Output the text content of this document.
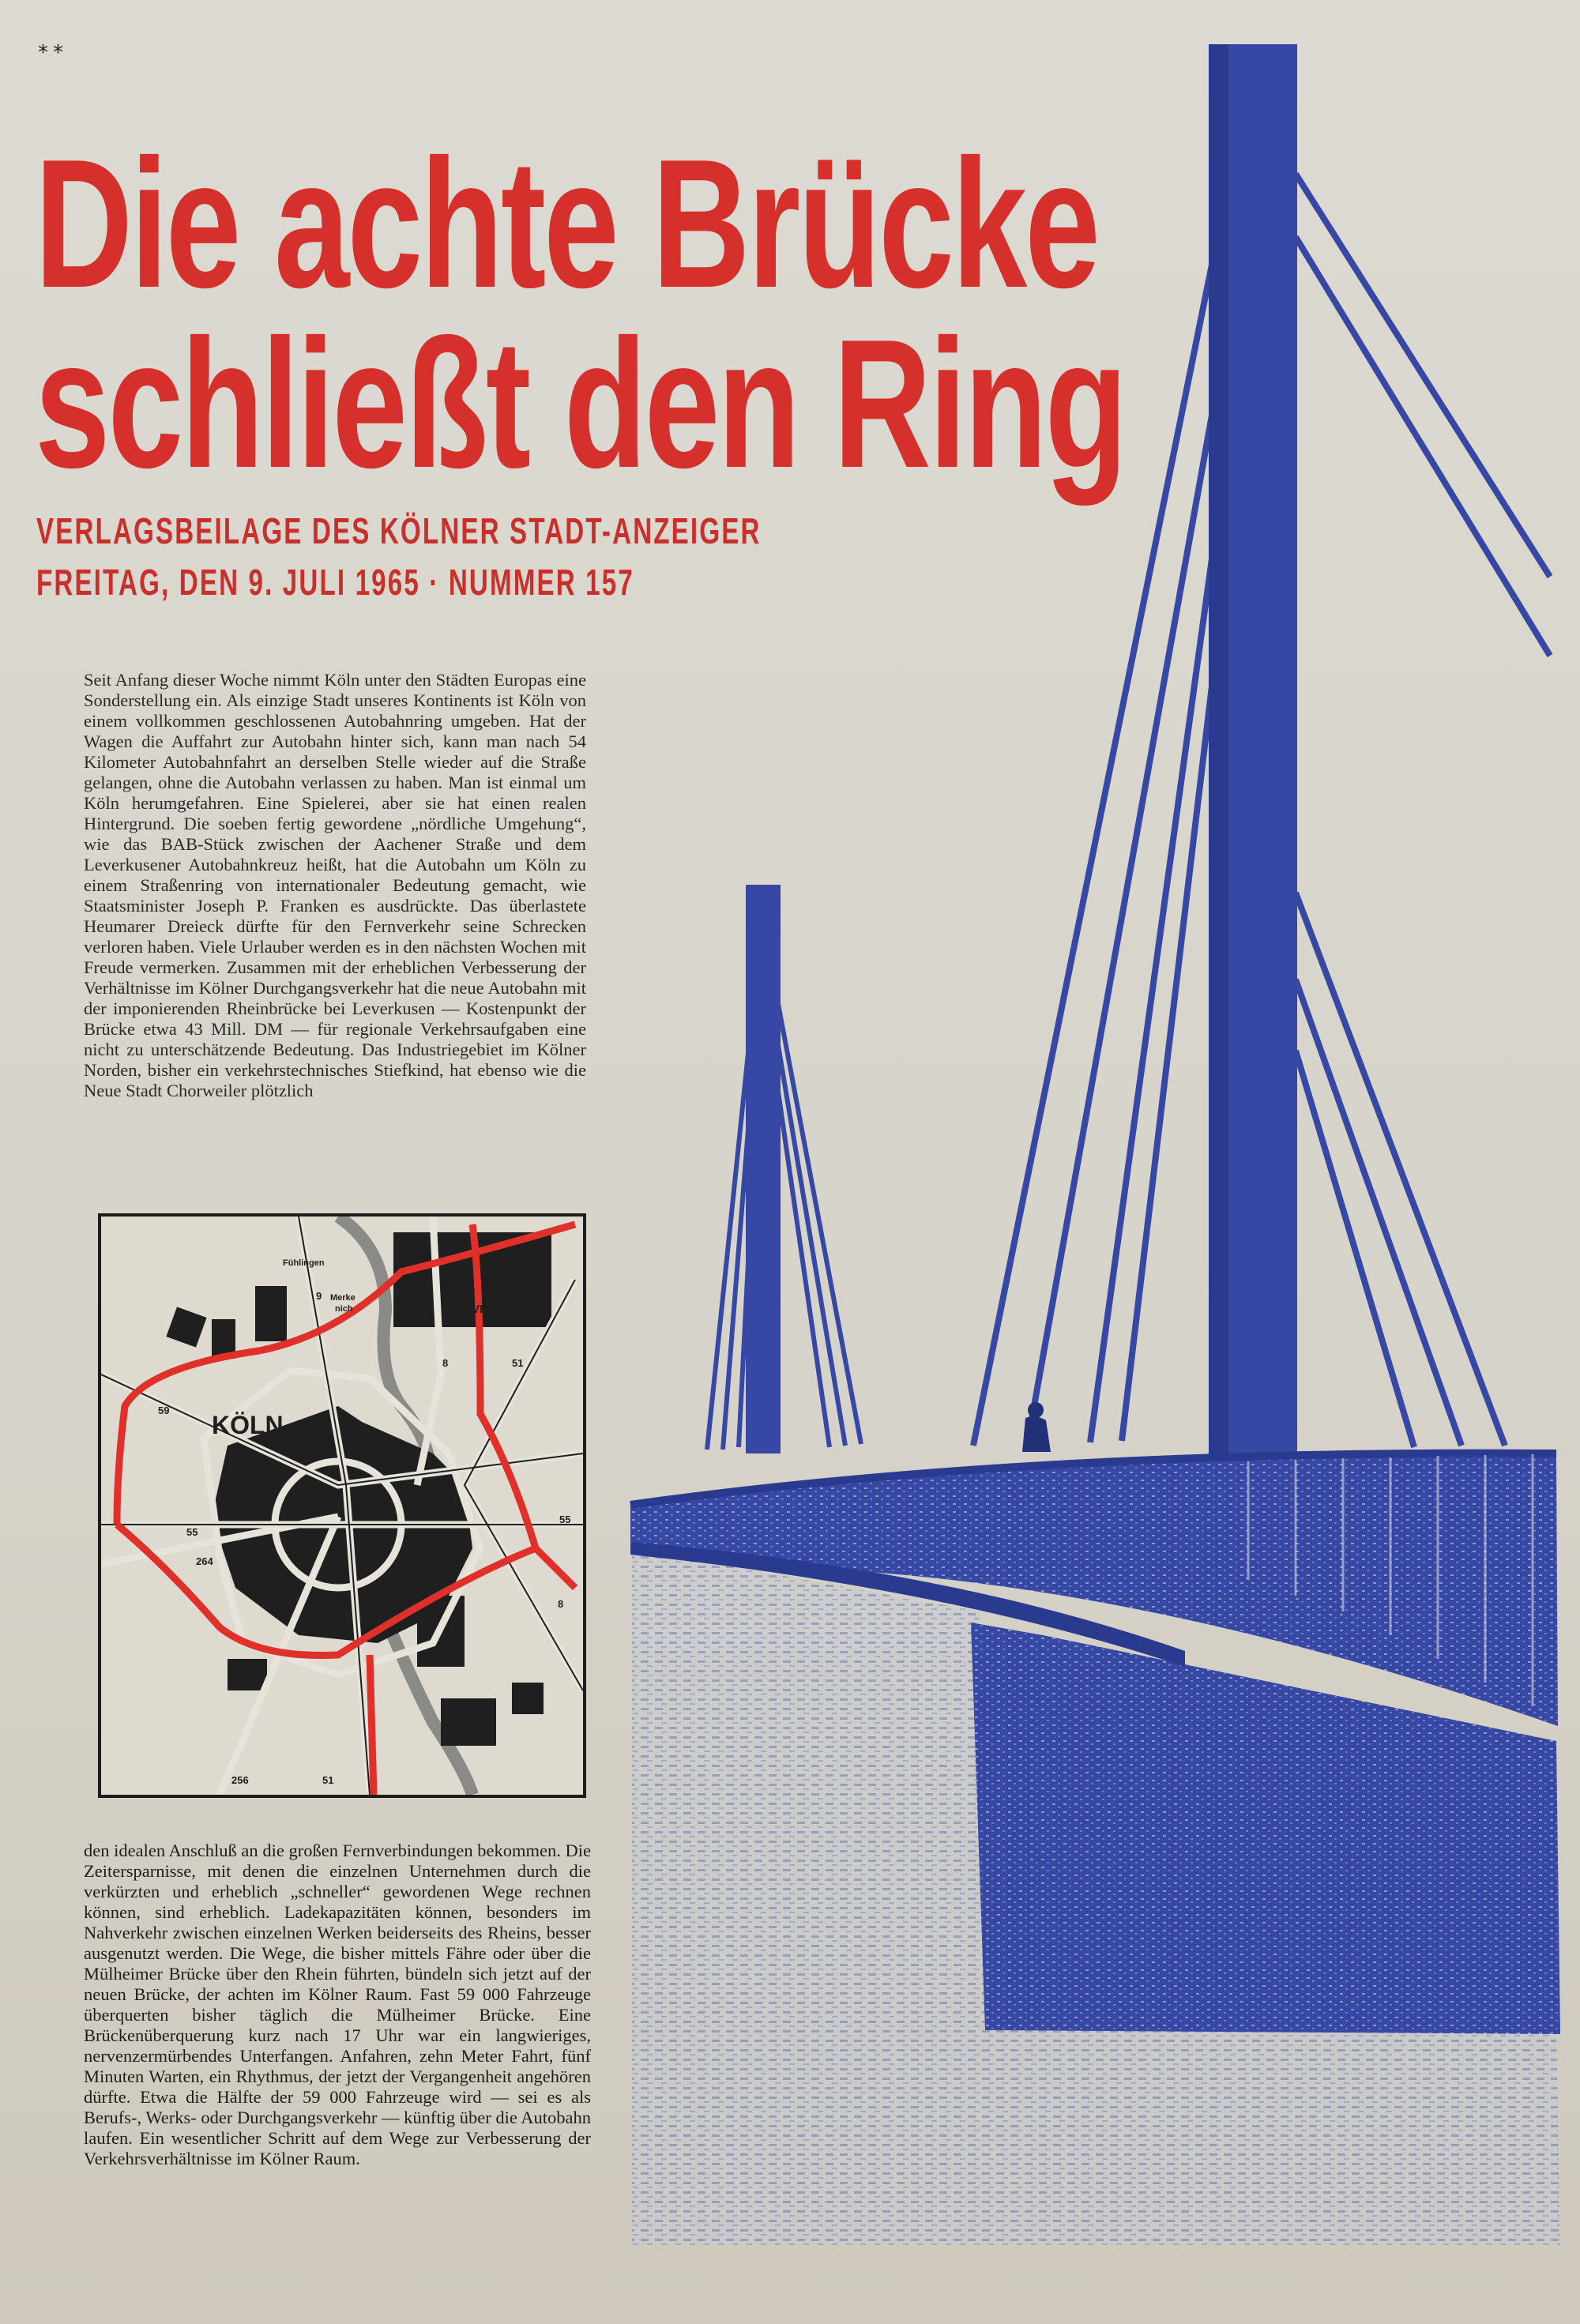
**
Die achte Brücke
schließt den Ring
VERLAGSBEILAGE DES KÖLNER STADT-ANZEIGER
FREITAG, DEN 9. JULI 1965 · NUMMER 157

Seit Anfang dieser Woche nimmt Köln unter den Städten Europas eine Sonderstellung ein. Als einzige Stadt unseres Kontinents ist Köln von einem vollkommen geschlossenen Autobahnring umgeben. Hat der Wagen die Auffahrt zur Autobahn hinter sich, kann man nach 54 Kilometer Autobahnfahrt an derselben Stelle wieder auf die Straße gelangen, ohne die Autobahn verlassen zu haben. Man ist einmal um Köln herumgefahren. Eine Spielerei, aber sie hat einen realen Hintergrund. Die soeben fertig gewordene „nördliche Umgehung“, wie das BAB-Stück zwischen der Aachener Straße und dem Leverkusener Autobahnkreuz heißt, hat die Autobahn um Köln zu einem Straßenring von internationaler Bedeutung gemacht, wie Staatsminister Joseph P. Franken es ausdrückte. Das überlastete Heumarer Dreieck dürfte für den Fernverkehr seine Schrecken verloren haben. Viele Urlauber werden es in den nächsten Wochen mit Freude vermerken. Zusammen mit der erheblichen Verbesserung der Verhältnisse im Kölner Durchgangsverkehr hat die neue Autobahn mit der imponierenden Rheinbrücke bei Leverkusen — Kostenpunkt der Brücke etwa 43 Mill. DM — für regionale Verkehrsaufgaben eine nicht zu unterschätzende Bedeutung. Das Industriegebiet im Kölner Norden, bisher ein verkehrstechnisches Stiefkind, hat ebenso wie die Neue Stadt Chorweiler plötzlich

KÖLN
LEVERKUSEN
Fühlingen
Merke
nich
9
8	51
59
55
264
55
8
256	51

den idealen Anschluß an die großen Fernverbindungen bekommen. Die Zeitersparnisse, mit denen die einzelnen Unternehmen durch die verkürzten und erheblich „schneller“ gewordenen Wege rechnen können, sind erheblich. Ladekapazitäten können, besonders im Nahverkehr zwischen einzelnen Werken beiderseits des Rheins, besser ausgenutzt werden. Die Wege, die bisher mittels Fähre oder über die Mülheimer Brücke über den Rhein führten, bündeln sich jetzt auf der neuen Brücke, der achten im Kölner Raum. Fast 59 000 Fahrzeuge überquerten bisher täglich die Mülheimer Brücke. Eine Brückenüberquerung kurz nach 17 Uhr war ein langwieriges, nervenzermürbendes Unterfangen. Anfahren, zehn Meter Fahrt, fünf Minuten Warten, ein Rhythmus, der jetzt der Vergangenheit angehören dürfte. Etwa die Hälfte der 59 000 Fahrzeuge wird — sei es als Berufs-, Werks- oder Durchgangsverkehr — künftig über die Autobahn laufen. Ein wesentlicher Schritt auf dem Wege zur Verbesserung der Verkehrsverhältnisse im Kölner Raum.
